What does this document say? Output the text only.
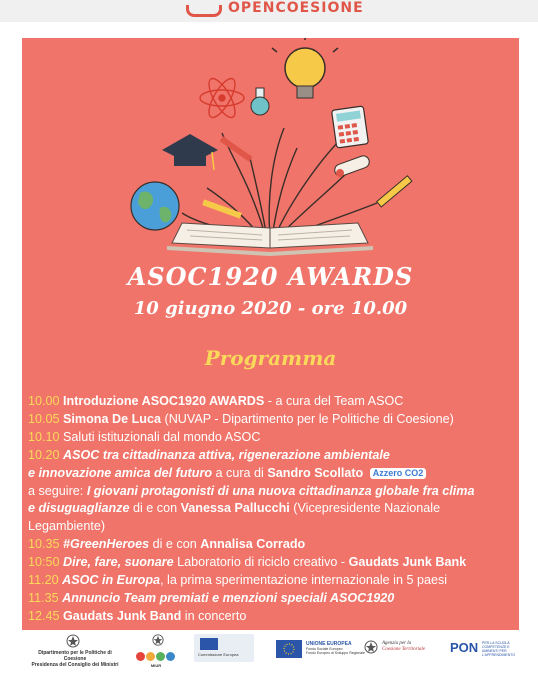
OPENCOESIONE
ASOC1920 AWARDS
10 giugno 2020 - ore 10.00
Programma
10.00 Introduzione ASOC1920 AWARDS - a cura del Team ASOC
10.05 Simona De Luca (NUVAP - Dipartimento per le Politiche di Coesione)
10.10 Saluti istituzionali dal mondo ASOC
10.20 ASOC tra cittadinanza attiva, rigenerazione ambientale
e innovazione amica del futuro a cura di Sandro Scollato Azzero CO2
a seguire: I giovani protagonisti di una nuova cittadinanza globale fra clima
e disuguaglianze di e con Vanessa Pallucchi (Vicepresidente Nazionale
Legambiente)
10.35 #GreenHeroes di e con Annalisa Corrado
10:50 Dire, fare, suonare Laboratorio di riciclo creativo - Gaudats Junk Bank
11.20 ASOC in Europa, la prima sperimentazione internazionale in 5 paesi
11.35 Annuncio Team premiati e menzioni speciali ASOC1920
12.45 Gaudats Junk Band in concerto
Dipartimento per le Politiche di Coesione
Presidenza del Consiglio dei Ministri	MIUR
Commissione Europea
UNIONE EUROPEA
Fondo Sociale Europeo
Fondo Europeo di Sviluppo Regionale
Agenzia per la
Coesione Territoriale	PON PER LA SCUOLA
COMPETENZE E AMBIENTI PER L'APPRENDIMENTO
